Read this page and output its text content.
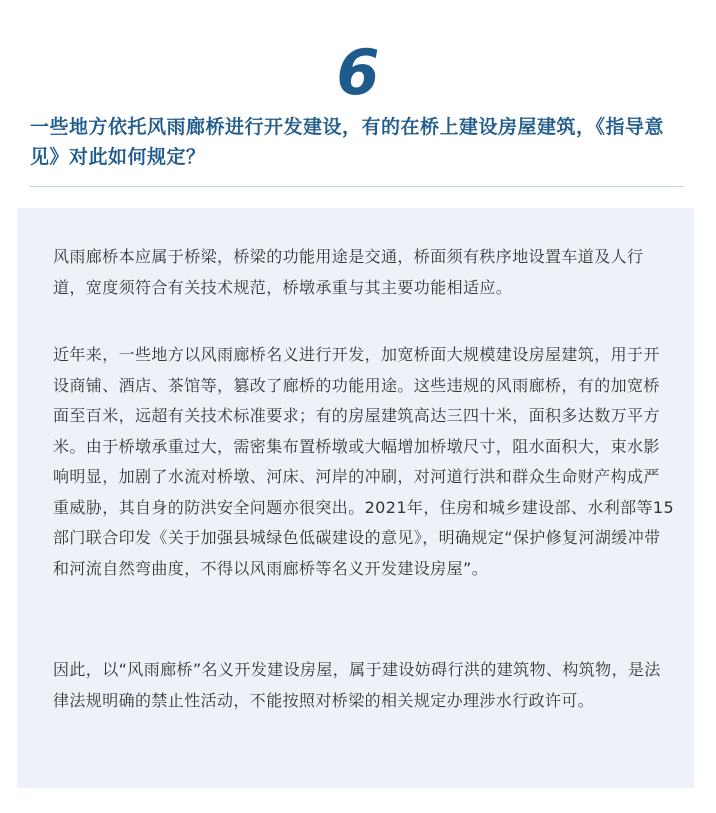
6
一些地方依托风雨廊桥进行开发建设，有的在桥上建设房屋建筑，《指导意见》对此如何规定？

风雨廊桥本应属于桥梁，桥梁的功能用途是交通，桥面须有秩序地设置车道及人行道，宽度须符合有关技术规范，桥墩承重与其主要功能相适应。

近年来，一些地方以风雨廊桥名义进行开发，加宽桥面大规模建设房屋建筑，用于开设商铺、酒店、茶馆等，篡改了廊桥的功能用途。这些违规的风雨廊桥，有的加宽桥面至百米，远超有关技术标准要求；有的房屋建筑高达三四十米，面积多达数万平方米。由于桥墩承重过大，需密集布置桥墩或大幅增加桥墩尺寸，阻水面积大，束水影响明显，加剧了水流对桥墩、河床、河岸的冲刷，对河道行洪和群众生命财产构成严重威胁，其自身的防洪安全问题亦很突出。2021年，住房和城乡建设部、水利部等15部门联合印发《关于加强县城绿色低碳建设的意见》，明确规定“保护修复河湖缓冲带和河流自然弯曲度，不得以风雨廊桥等名义开发建设房屋”。

因此，以“风雨廊桥”名义开发建设房屋，属于建设妨碍行洪的建筑物、构筑物，是法律法规明确的禁止性活动，不能按照对桥梁的相关规定办理涉水行政许可。
